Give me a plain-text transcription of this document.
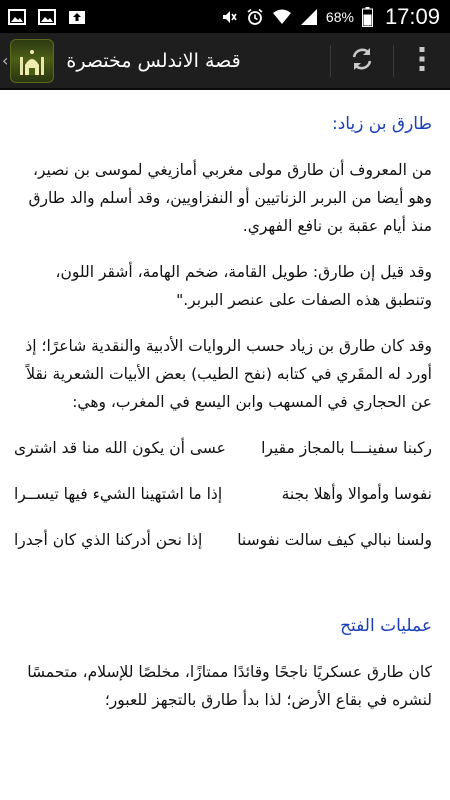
68% 17:09
‹	قصة الاندلس مختصرة
طارق بن زياد:

من المعروف أن طارق مولى مغربي أمازيغي لموسى بن نصير، وهو أيضا من البربر الزناتيين أو النفزاويين، وقد أسلم والد طارق منذ أيام عقبة بن نافع الفهري.

وقد قيل إن طارق: طويل القامة، ضخم الهامة، أشقر اللون، وتنطبق هذه الصفات على عنصر البربر."

وقد كان طارق بن زياد حسب الروايات الأدبية والنقدية شاعرًا؛ إذ أورد له المقَري في كتابه (نفح الطيب) بعض الأبيات الشعرية نقلاً عن الحجاري في المسهب وابن اليسع في المغرب، وهي:

ركبنا سفينـــا بالمجاز مقيرا
عسى أن يكون الله منا قد اشترى
نفوسا وأموالا وأهلا بجنة
إذا ما اشتهينا الشيء فيها تيســرا
ولسنا نبالي كيف سالت نفوسنا
إذا نحن أدركنا الذي كان أجدرا
عمليات الفتح

كان طارق عسكريًا ناجحًا وقائدًا ممتازًا، مخلصًا للإسلام، متحمسًا لنشره في بقاع الأرض؛ لذا بدأ طارق بالتجهز للعبور؛
